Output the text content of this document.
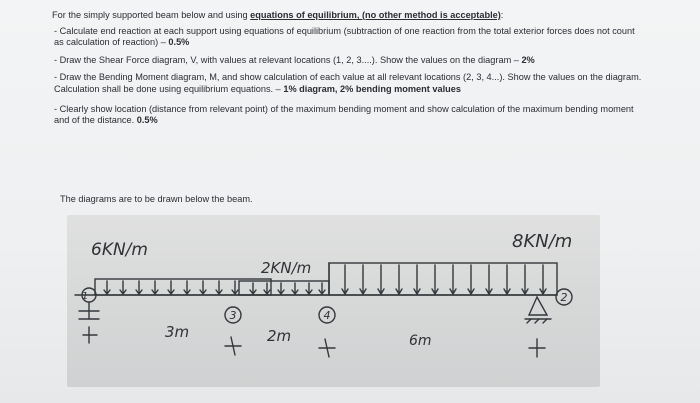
For the simply supported beam below and using equations of equilibrium, (no other method is acceptable):

- Calculate end reaction at each support using equations of equilibrium (subtraction of one reaction from the total exterior forces does not count as calculation of reaction) – 0.5%

- Draw the Shear Force diagram, V, with values at relevant locations (1, 2, 3....). Show the values on the diagram – 2%

- Draw the Bending Moment diagram, M, and show calculation of each value at all relevant locations (2, 3, 4...). Show the values on the diagram. Calculation shall be done using equilibrium equations. – 1% diagram, 2% bending moment values

- Clearly show location (distance from relevant point) of the maximum bending moment and show calculation of the maximum bending moment and of the distance. 0.5%

The diagrams are to be drawn below the beam.
6KN/m
2KN/m
8KN/m
1	2
3	4
3m	2m	6m
